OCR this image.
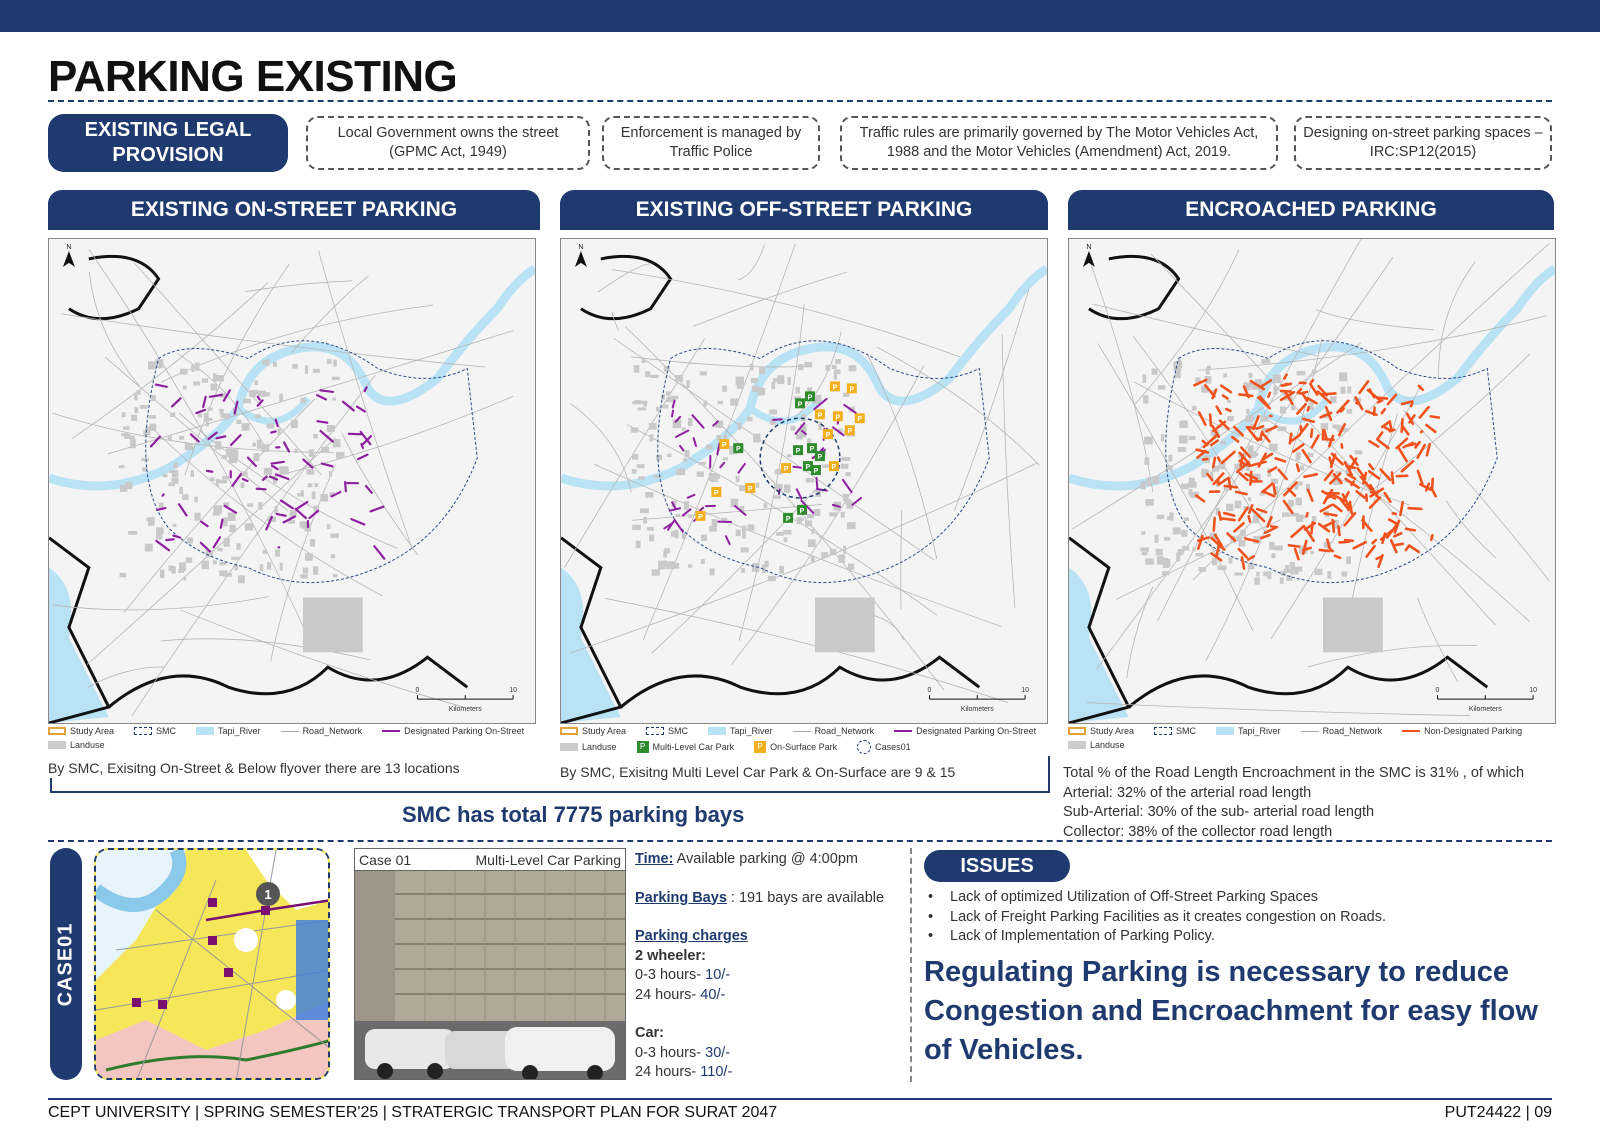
PARKING EXISTING
EXISTING LEGAL PROVISION
Local Government owns the street (GPMC Act, 1949)
Enforcement is managed by Traffic Police
Traffic rules are primarily governed by The Motor Vehicles Act, 1988 and the Motor Vehicles (Amendment) Act, 2019.
Designing on-street parking spaces – IRC:SP12(2015)
EXISTING ON-STREET PARKING	EXISTING OFF-STREET PARKING	ENCROACHED PARKING
N
Kilometers
0	10
N
Kilometers
0	10
P
P
P P
P
P
P
P
P
P
P P
P P P
P
P
P
P	P
P
P
P
N
Kilometers
0	10
Study Area	SMC	Tapi_River	Road_Network	Designated Parking On-Street
Landuse
Study Area	SMC	Tapi_River	Road_Network	Designated Parking On-Street
Landuse	P Multi-Level Car Park	P On-Surface Park	Cases01
Study Area	SMC	Tapi_River	Road_Network	Non-Designated Parking
Landuse
By SMC, Exisitng On-Street & Below flyover there are 13 locations	By SMC, Exisitng Multi Level Car Park & On-Surface are 9 & 15
SMC has total 7775 parking bays
Total % of the Road Length Encroachment in the SMC is 31% , of which
Arterial: 32% of the arterial road length
Sub-Arterial: 30% of the sub- arterial road length
Collector: 38% of the collector road length
CASE01
1
Case 01	Multi-Level Car Parking Time: Available parking @ 4:00pm
Parking Bays : 191 bays are available
Parking charges
2 wheeler:
0-3 hours- 10/-
24 hours- 40/-
Car:
0-3 hours- 30/-
24 hours- 110/-
ISSUES
• Lack of optimized Utilization of Off-Street Parking Spaces
• Lack of Freight Parking Facilities as it creates congestion on Roads.
• Lack of Implementation of Parking Policy.
Regulating Parking is necessary to reduce Congestion and Encroachment for easy flow of Vehicles.
CEPT UNIVERSITY | SPRING SEMESTER'25 | STRATERGIC TRANSPORT PLAN FOR SURAT 2047	PUT24422 | 09
